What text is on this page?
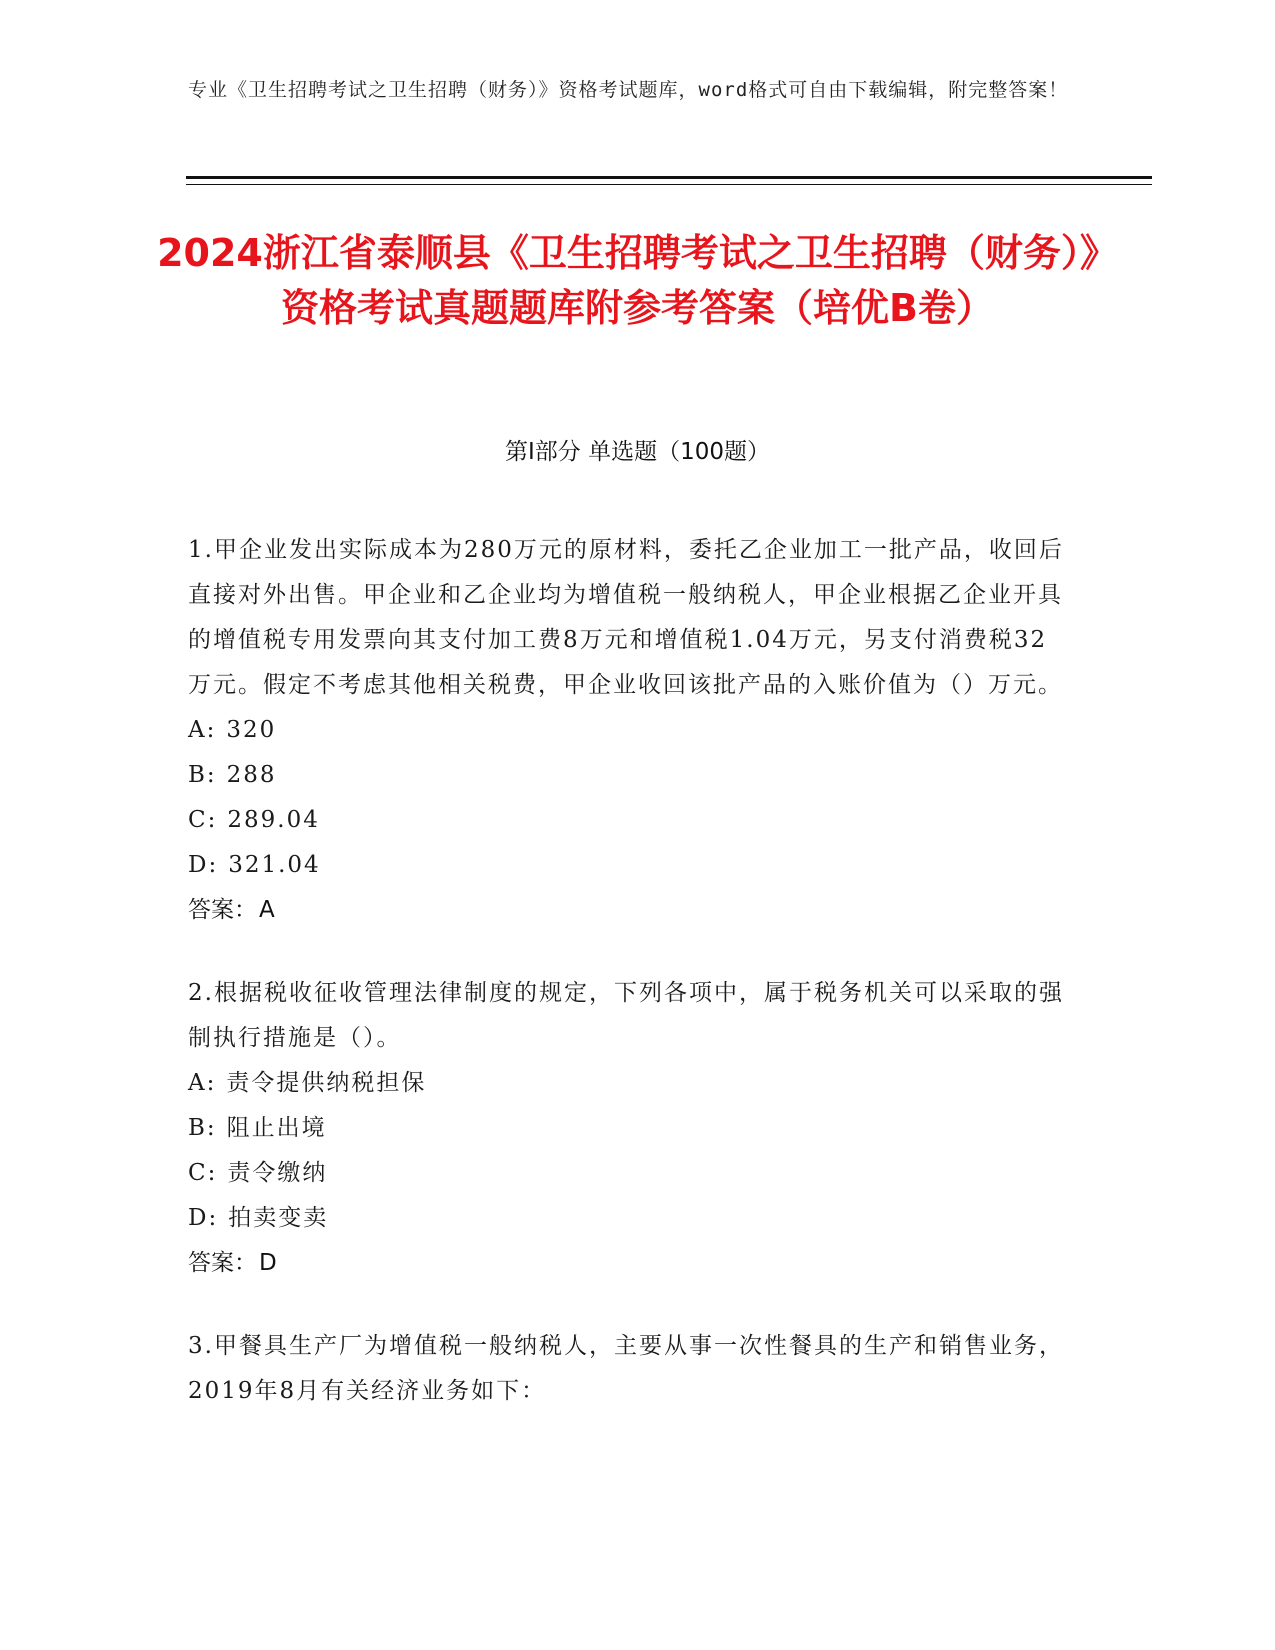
专业《卫生招聘考试之卫生招聘（财务）》资格考试题库，word格式可自由下载编辑，附完整答案！
2024浙江省泰顺县《卫生招聘考试之卫生招聘（财务）》资格考试真题题库附参考答案（培优B卷）
第I部分 单选题（100题）
1.甲企业发出实际成本为280万元的原材料，委托乙企业加工一批产品，收回后直接对外出售。甲企业和乙企业均为增值税一般纳税人，甲企业根据乙企业开具的增值税专用发票向其支付加工费8万元和增值税1.04万元，另支付消费税32万元。假定不考虑其他相关税费，甲企业收回该批产品的入账价值为（）万元。
A: 320
B: 288
C: 289.04
D: 321.04
答案： A
2.根据税收征收管理法律制度的规定，下列各项中，属于税务机关可以采取的强制执行措施是（）。
A: 责令提供纳税担保
B: 阻止出境
C: 责令缴纳
D: 拍卖变卖
答案： D
3.甲餐具生产厂为增值税一般纳税人，主要从事一次性餐具的生产和销售业务，2019年8月有关经济业务如下：
